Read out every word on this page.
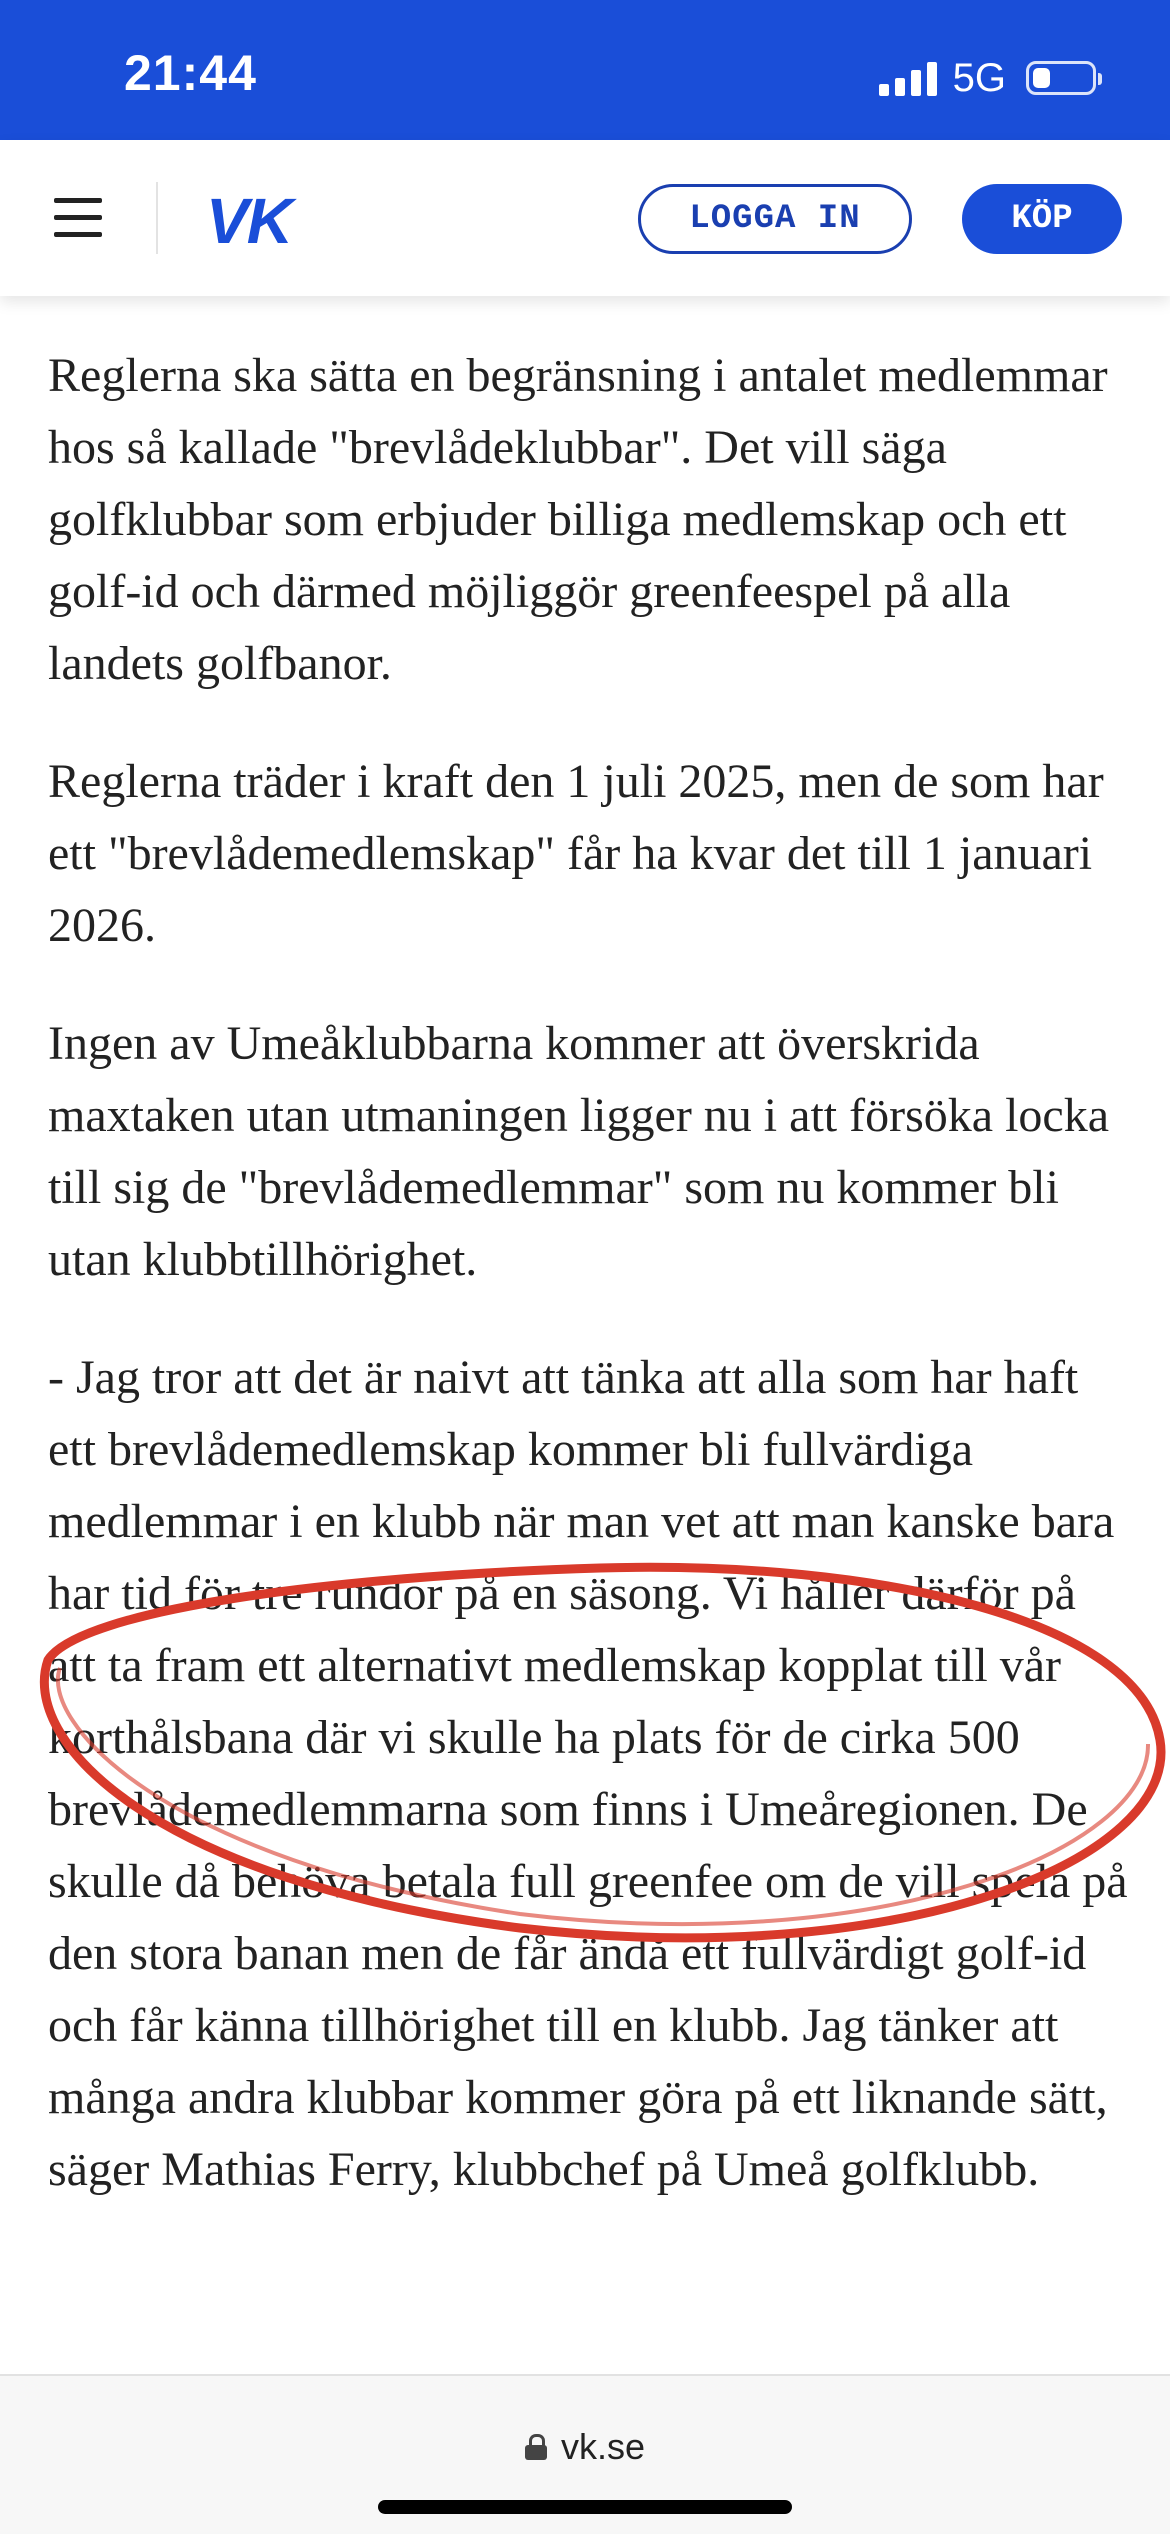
21:44	5G
VK	LOGGA IN	KÖP

Reglerna ska sätta en begränsning i antalet medlemmar hos så kallade "brevlådeklubbar". Det vill säga golfklubbar som erbjuder billiga medlemskap och ett golf-id och därmed möjliggör greenfeespel på alla landets golfbanor.

Reglerna träder i kraft den 1 juli 2025, men de som har ett "brevlådemedlemskap" får ha kvar det till 1 januari 2026.

Ingen av Umeåklubbarna kommer att överskrida maxtaken utan utmaningen ligger nu i att försöka locka till sig de "brevlådemedlemmar" som nu kommer bli utan klubbtillhörighet.

- Jag tror att det är naivt att tänka att alla som har haft ett brevlådemedlemskap kommer bli fullvärdiga medlemmar i en klubb när man vet att man kanske bara har tid för tre rundor på en säsong. Vi håller därför på att ta fram ett alternativt medlemskap kopplat till vår korthålsbana där vi skulle ha plats för de cirka 500 brevlådemedlemmarna som finns i Umeåregionen. De skulle då behöva betala full greenfee om de vill spela på den stora banan men de får ändå ett fullvärdigt golf-id och får känna tillhörighet till en klubb. Jag tänker att många andra klubbar kommer göra på ett liknande sätt, säger Mathias Ferry, klubbchef på Umeå golfklubb.

vk.se
